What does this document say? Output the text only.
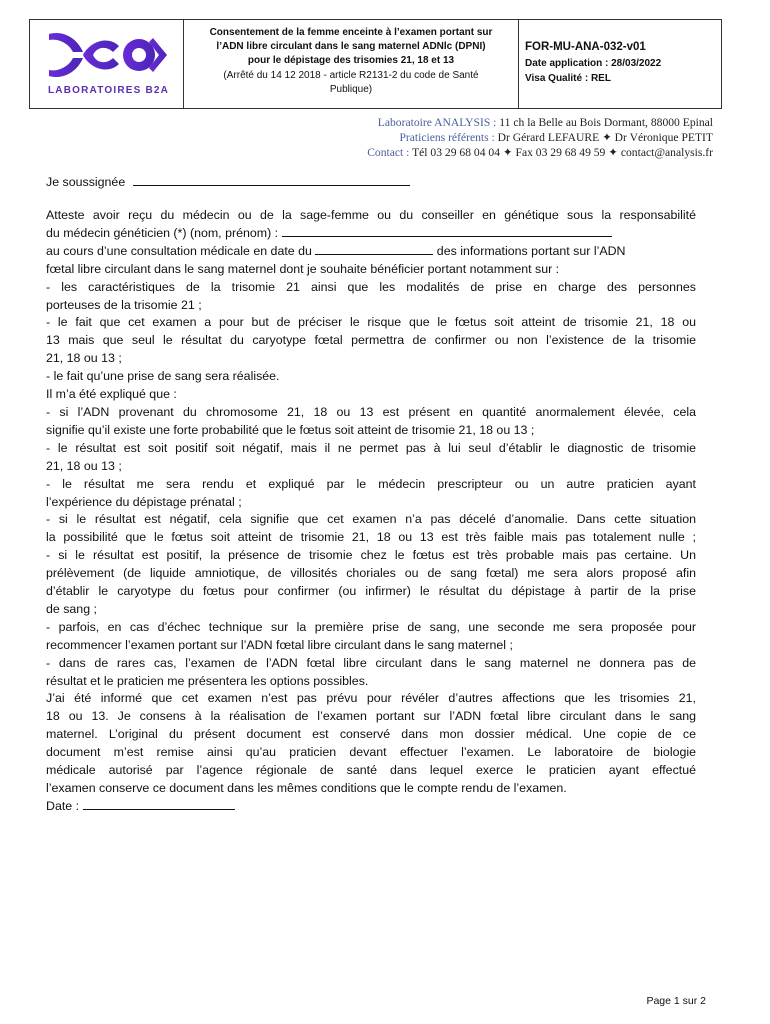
LABORATOIRES B2A
Consentement de la femme enceinte à l’examen portant sur
l’ADN libre circulant dans le sang maternel ADNlc (DPNI)
pour le dépistage des trisomies 21, 18 et 13
(Arrêté du 14 12 2018 - article R2131-2 du code de Santé
Publique)
FOR-MU-ANA-032-v01
Date application : 28/03/2022
Visa Qualité : REL
Laboratoire ANALYSIS : 11 ch la Belle au Bois Dormant, 88000 Epinal
Praticiens référents : Dr Gérard LEFAURE ✦ Dr Véronique PETIT
Contact : Tél 03 29 68 04 04 ✦ Fax 03 29 68 49 59 ✦ contact@analysis.fr
Je soussignée
Atteste avoir reçu du médecin ou de la sage-femme ou du conseiller en génétique sous la responsabilité
du médecin généticien (*) (nom, prénom) :
au cours d’une consultation médicale en date du	des informations portant sur l’ADN
fœtal libre circulant dans le sang maternel dont je souhaite bénéficier portant notamment sur :
- les caractéristiques de la trisomie 21 ainsi que les modalités de prise en charge des personnes
porteuses de la trisomie 21 ;
- le fait que cet examen a pour but de préciser le risque que le fœtus soit atteint de trisomie 21, 18 ou
13 mais que seul le résultat du caryotype fœtal permettra de confirmer ou non l’existence de la trisomie
21, 18 ou 13 ;
- le fait qu’une prise de sang sera réalisée.
Il m’a été expliqué que :
- si l’ADN provenant du chromosome 21, 18 ou 13 est présent en quantité anormalement élevée, cela
signifie qu’il existe une forte probabilité que le fœtus soit atteint de trisomie 21, 18 ou 13 ;
- le résultat est soit positif soit négatif, mais il ne permet pas à lui seul d’établir le diagnostic de trisomie
21, 18 ou 13 ;
- le résultat me sera rendu et expliqué par le médecin prescripteur ou un autre praticien ayant
l’expérience du dépistage prénatal ;
- si le résultat est négatif, cela signifie que cet examen n’a pas décelé d’anomalie. Dans cette situation
la possibilité que le fœtus soit atteint de trisomie 21, 18 ou 13 est très faible mais pas totalement nulle ;
- si le résultat est positif, la présence de trisomie chez le fœtus est très probable mais pas certaine. Un
prélèvement (de liquide amniotique, de villosités choriales ou de sang fœtal) me sera alors proposé afin
d’établir le caryotype du fœtus pour confirmer (ou infirmer) le résultat du dépistage à partir de la prise
de sang ;
- parfois, en cas d’échec technique sur la première prise de sang, une seconde me sera proposée pour
recommencer l’examen portant sur l’ADN fœtal libre circulant dans le sang maternel ;
- dans de rares cas, l’examen de l’ADN fœtal libre circulant dans le sang maternel ne donnera pas de
résultat et le praticien me présentera les options possibles.
J’ai été informé que cet examen n’est pas prévu pour révéler d’autres affections que les trisomies 21,
18 ou 13. Je consens à la réalisation de l’examen portant sur l’ADN fœtal libre circulant dans le sang
maternel. L’original du présent document est conservé dans mon dossier médical. Une copie de ce
document m’est remise ainsi qu’au praticien devant effectuer l’examen. Le laboratoire de biologie
médicale autorisé par l’agence régionale de santé dans lequel exerce le praticien ayant effectué
l’examen conserve ce document dans les mêmes conditions que le compte rendu de l’examen.
Date :
Page 1 sur 2
